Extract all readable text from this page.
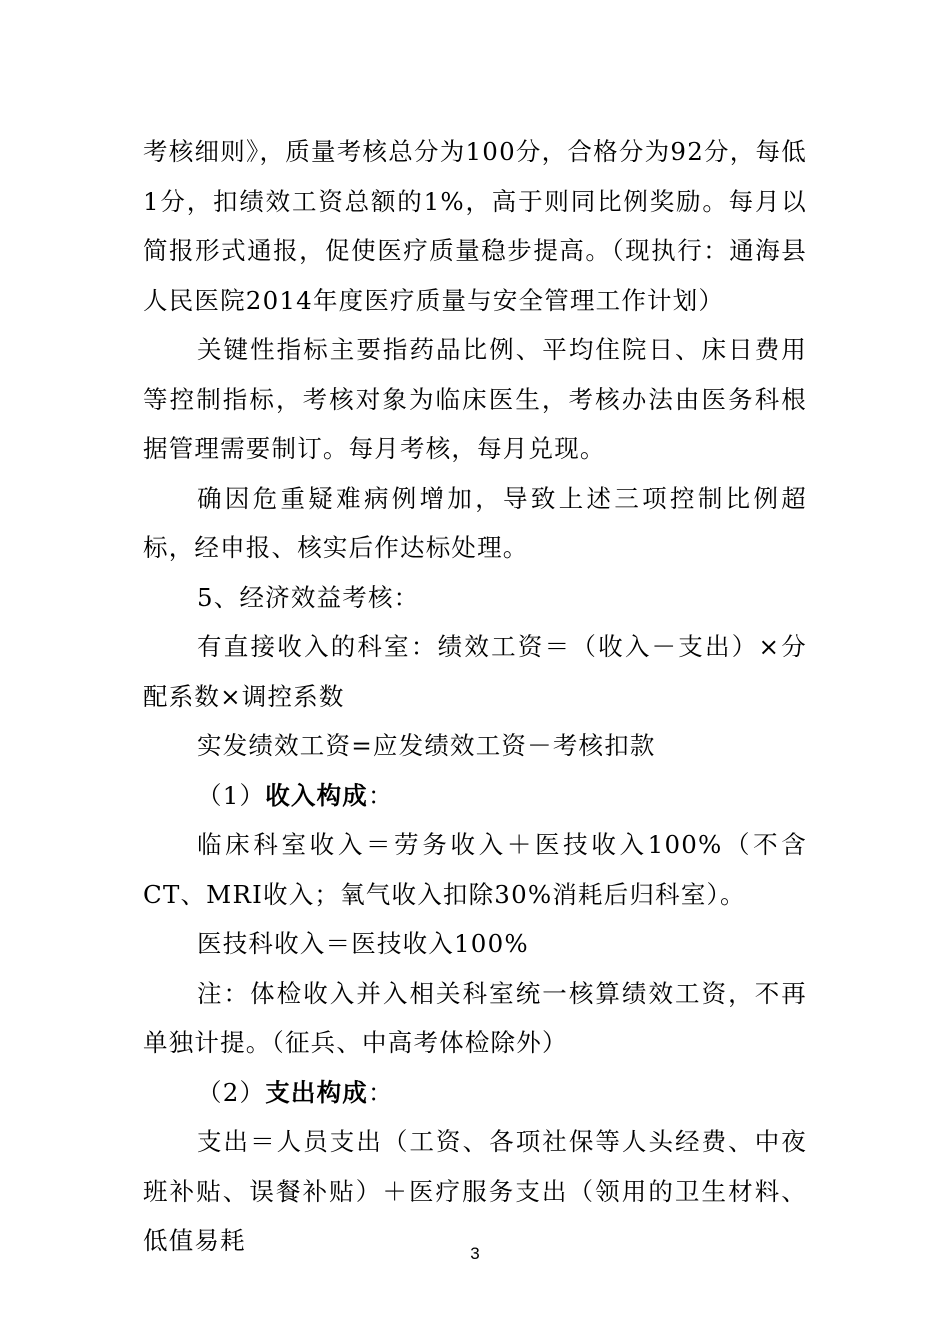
考核细则》，质量考核总分为100分，合格分为92分，每低1分，扣绩效工资总额的1%，高于则同比例奖励。每月以简报形式通报，促使医疗质量稳步提高。（现执行：通海县人民医院2014年度医疗质量与安全管理工作计划）

关键性指标主要指药品比例、平均住院日、床日费用等控制指标，考核对象为临床医生，考核办法由医务科根据管理需要制订。每月考核，每月兑现。

确因危重疑难病例增加，导致上述三项控制比例超标，经申报、核实后作达标处理。

5、经济效益考核：

有直接收入的科室：绩效工资＝（收入－支出）×分配系数×调控系数

实发绩效工资=应发绩效工资－考核扣款

（1）收入构成：

临床科室收入＝劳务收入＋医技收入100%（不含CT、MRI收入；氧气收入扣除30%消耗后归科室）。

医技科收入＝医技收入100%

注：体检收入并入相关科室统一核算绩效工资，不再单独计提。（征兵、中高考体检除外）

（2）支出构成：

支出＝人员支出（工资、各项社保等人头经费、中夜班补贴、误餐补贴）＋医疗服务支出（领用的卫生材料、低值易耗	3
